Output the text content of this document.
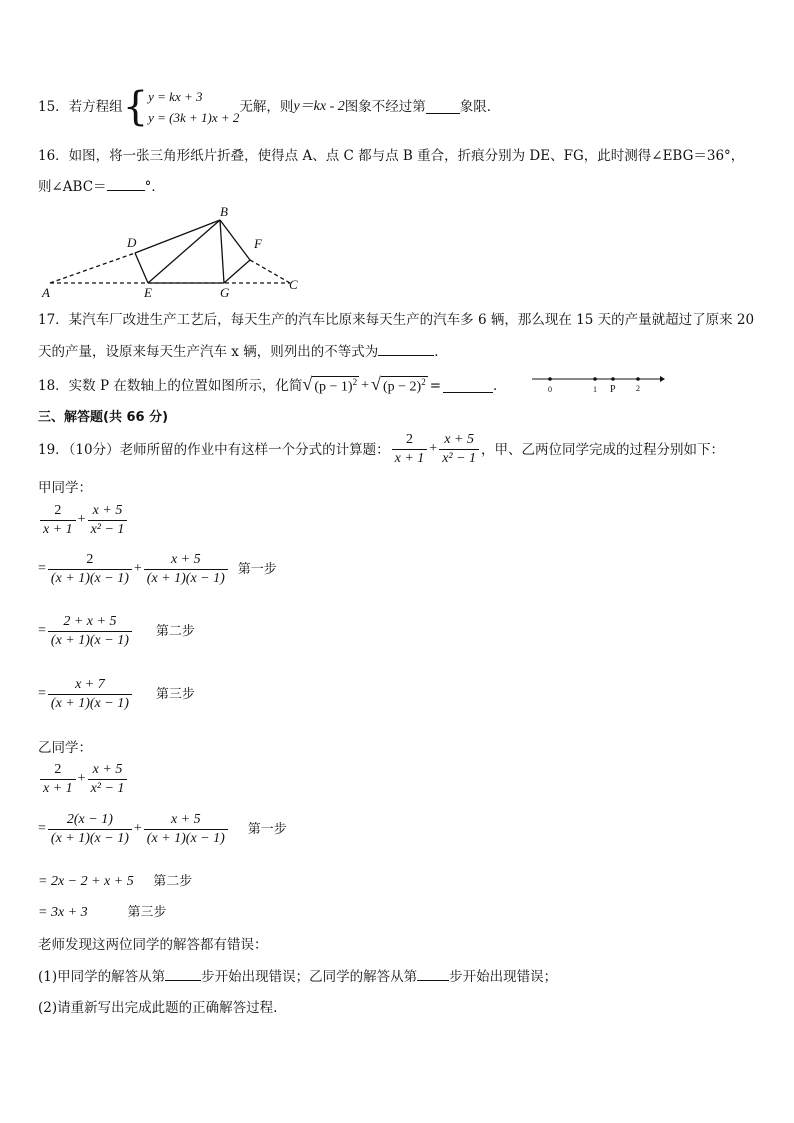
15． 若方程组 { y = kx + 3
y = (3k + 1)x + 2
无解，则 y＝kx - 2 图象不经过第	象限．
16．如图，将一张三角形纸片折叠，使得点 A、点 C 都与点 B 重合，折痕分别为 DE、FG，此时测得∠EBG＝36°，
则∠ABC＝	°．
A
B
C
D
E
F
G
17．某汽车厂改进生产工艺后，每天生产的汽车比原来每天生产的汽车多 6 辆，那么现在 15 天的产量就超过了原来 20
天的产量，设原来每天生产汽车 x 辆，则列出的不等式为	．
18．实数 P 在数轴上的位置如图所示，化简 √ $(p - 1)^2$ + √ $(p - 2)^2$ =	．	0	1 P	2
三、解答题(共 66 分)
19．（10分）老师所留的作业中有这样一个分式的计算题： $\frac{2}{x + 1} + \frac{x + 5}{\text{x² − 1}}$ ，甲、乙两位同学完成的过程分别如下：
甲同学：
$\frac{2}{x + 1} + \frac{x + 5}{\text{x² − 1}}$
= $\frac{2}{(x + 1)(x - 1)} + \frac{x + 5}{(x + 1)(x - 1)}$ 第一步
= $\frac{2 + x + 5}{(x + 1)(x - 1)}$ 第二步
= $\frac{x + 7}{(x + 1)(x - 1)}$ 第三步
乙同学：
$\frac{2}{x + 1} + \frac{x + 5}{\text{x² − 1}}$
= $\frac{2(x - 1)}{(x + 1)(x - 1)} + \frac{x + 5}{(x + 1)(x - 1)}$ 第一步
= 2x − 2 + x + 5 第二步
= 3x + 3	第三步
老师发现这两位同学的解答都有错误：
(1)甲同学的解答从第	步开始出现错误；乙同学的解答从第 步开始出现错误；
(2)请重新写出完成此题的正确解答过程.
